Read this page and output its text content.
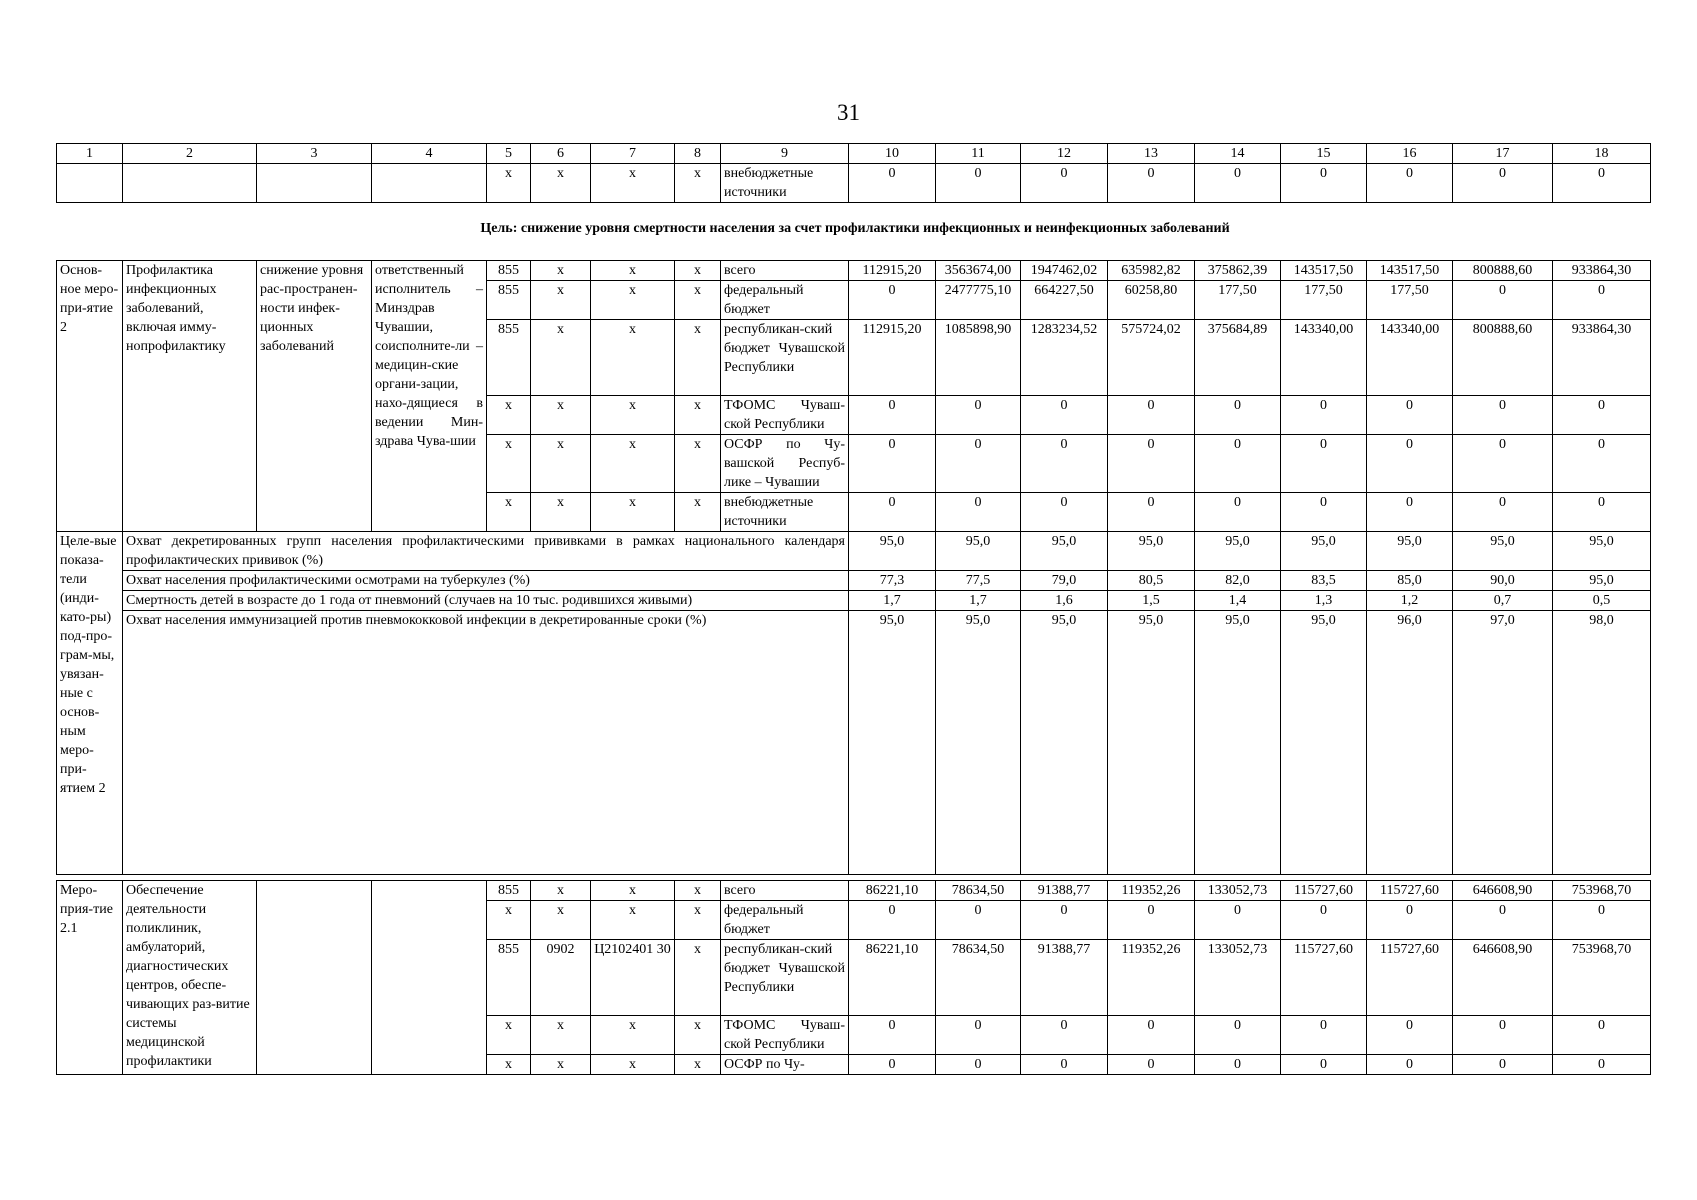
31
1	2	3	4	5	6	7	8	9	10	11	12	13	14	15	16	17	18
				x	x	x	x	внебюджетные источники	0	0	0	0	0	0	0	0	0
Цель: снижение уровня смертности населения за счет профилактики инфекционных и неинфекционных заболеваний
Основ-ное меро-при-ятие 2	Профилактика инфекционных заболеваний, включая имму-нопрофилактику	снижение уровня рас-пространен-ности инфек-ционных заболеваний	ответственный исполнитель – Минздрав Чувашии, соисполните-ли – медицин-ские органи-зации, нахо-дящиеся в ведении Мин-здрава Чува-шии	855	x	x	x	всего	112915,20	3563674,00	1947462,02	635982,82	375862,39	143517,50	143517,50	800888,60	933864,30
				855	x	x	x	федеральный бюджет	0	2477775,10	664227,50	60258,80	177,50	177,50	177,50	0	0
				855	x	x	x	республикан-ский бюджет Чувашской Республики	112915,20	1085898,90	1283234,52	575724,02	375684,89	143340,00	143340,00	800888,60	933864,30
				x	x	x	x	ТФОМС Чуваш-ской Республики	0	0	0	0	0	0	0	0	0
				x	x	x	x	ОСФР по Чу-вашской Респуб-лике – Чувашии	0	0	0	0	0	0	0	0	0
				x	x	x	x	внебюджетные источники	0	0	0	0	0	0	0	0	0
Целе-вые показа-тели (инди-като-ры) под-про-грам-мы, увязан-ные с основ-ным меро-при-ятием 2	Охват декретированных групп населения профилактическими прививками в рамках национального календаря профилактических прививок (%)								95,0	95,0	95,0	95,0	95,0	95,0	95,0	95,0	95,0
	Охват населения профилактическими осмотрами на туберкулез (%)								77,3	77,5	79,0	80,5	82,0	83,5	85,0	90,0	95,0
	Смертность детей в возрасте до 1 года от пневмоний (случаев на 10 тыс. родившихся живыми)								1,7	1,7	1,6	1,5	1,4	1,3	1,2	0,7	0,5
	Охват населения иммунизацией против пневмококковой инфекции в декретированные сроки (%)								95,0	95,0	95,0	95,0	95,0	95,0	96,0	97,0	98,0
Меро-прия-тие 2.1	Обеспечение деятельности поликлиник, амбулаторий, диагностических центров, обеспе-чивающих раз-витие системы медицинской профилактики			855	x	x	x	всего	86221,10	78634,50	91388,77	119352,26	133052,73	115727,60	115727,60	646608,90	753968,70
				x	x	x	x	федеральный бюджет	0	0	0	0	0	0	0	0	0
				855	0902	Ц2102401 30	x	республикан-ский бюджет Чувашской Республики	86221,10	78634,50	91388,77	119352,26	133052,73	115727,60	115727,60	646608,90	753968,70
				x	x	x	x	ТФОМС Чуваш-ской Республики	0	0	0	0	0	0	0	0	0
				x	x	x	x	ОСФР по Чу-	0	0	0	0	0	0	0	0	0
